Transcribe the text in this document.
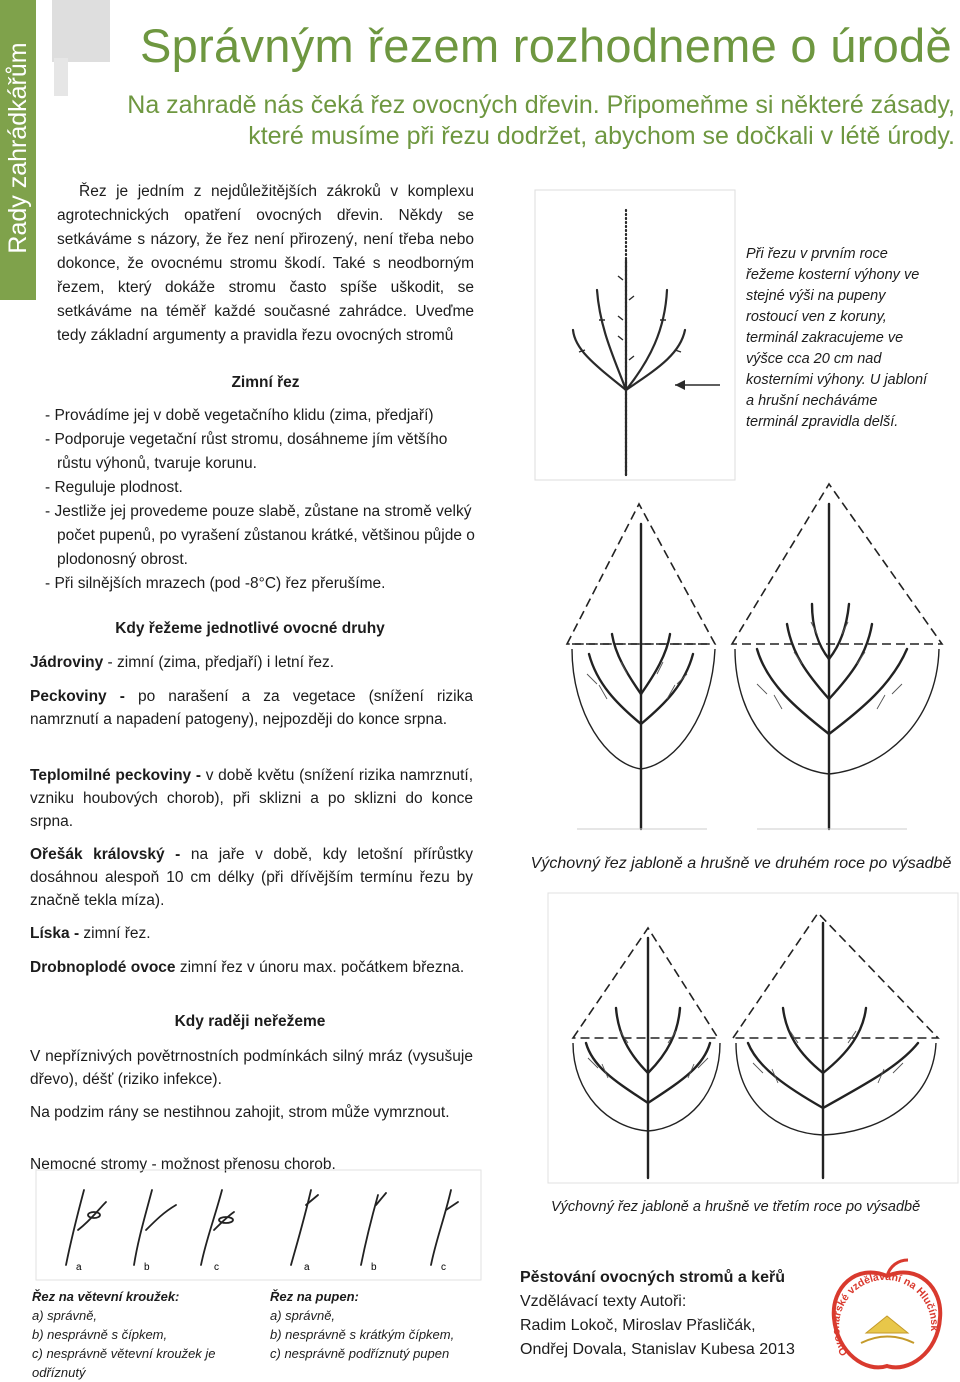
Rady zahrádkářům Správným řezem rozhodneme o úrodě
Na zahradě nás čeká řez ovocných dřevin. Připomeňme si některé zásady, které musíme při řezu dodržet, abychom se dočkali v létě úrody.
Řez je jedním z nejdůležitějších zákroků v komplexu agrotechnických opatření ovocných dřevin. Někdy se setkáváme s názory, že řez není přirozený, není třeba nebo dokonce, že ovocnému stromu škodí. Také s neodborným řezem, který dokáže stromu často spíše uškodit, se setkáváme na téměř každé současné zahrádce. Uveďme tedy základní argumenty a pravidla řezu ovocných stromů
Zimní řez
- Provádíme jej v době vegetačního klidu (zima, předjaří)
- Podporuje vegetační růst stromu, dosáhneme jím většího růstu výhonů, tvaruje korunu.
- Reguluje plodnost.
- Jestliže jej provedeme pouze slabě, zůstane na stromě velký počet pupenů, po vyrašení zůstanou krátké, většinou půjde o plodonosný obrost.
- Při silnějších mrazech (pod -8°C) řez přerušíme.
Kdy řežeme jednotlivé ovocné druhy
Jádroviny - zimní (zima, předjaří) i letní řez.
Peckoviny - po narašení a za vegetace (snížení rizika namrznutí a napadení patogeny), nejpozději do konce srpna.
Teplomilné peckoviny - v době květu (snížení rizika namrznutí, vzniku houbových chorob), při sklizni a po sklizni do konce srpna.
Ořešák královský - na jaře v době, kdy letošní přírůstky dosáhnou alespoň 10 cm délky (při dřívějším termínu řezu by značně tekla míza).
Líska - zimní řez.
Drobnoplodé ovoce zimní řez v únoru max. počátkem března.
Kdy raději neřežeme
V nepříznivých povětrnostních podmínkách silný mráz (vysušuje dřevo), déšť (riziko infekce).
Na podzim rány se nestihnou zahojit, strom může vymrznout.
Nemocné stromy - možnost přenosu chorob.
Při řezu v prvním roce řežeme kosterní výhony ve stejné výši na pupeny rostoucí ven z koruny, terminál zakracujeme ve výšce cca 20 cm nad kosterními výhony. U jabloní a hrušní necháváme terminál zpravidla delší.
Výchovný řez jabloně a hrušně ve druhém roce po výsadbě
Výchovný řez jabloně a hrušně ve třetím roce po výsadbě
a	b	c	a	b	c
Řez na větevní kroužek:
a) správně,
b) nesprávně s čípkem,
c) nesprávně větevní kroužek je odříznutý
Řez na pupen:
a) správně,
b) nesprávně s krátkým čípkem,
c) nesprávně podříznutý pupen
Pěstování ovocných stromů a keřů
Vzdělávací texty Autoři:
Radim Lokoč, Miroslav Přasličák,
Ondřej Dovala, Stanislav Kubesa 2013	Ovocnářské vzdělávání na Hlučínsku
